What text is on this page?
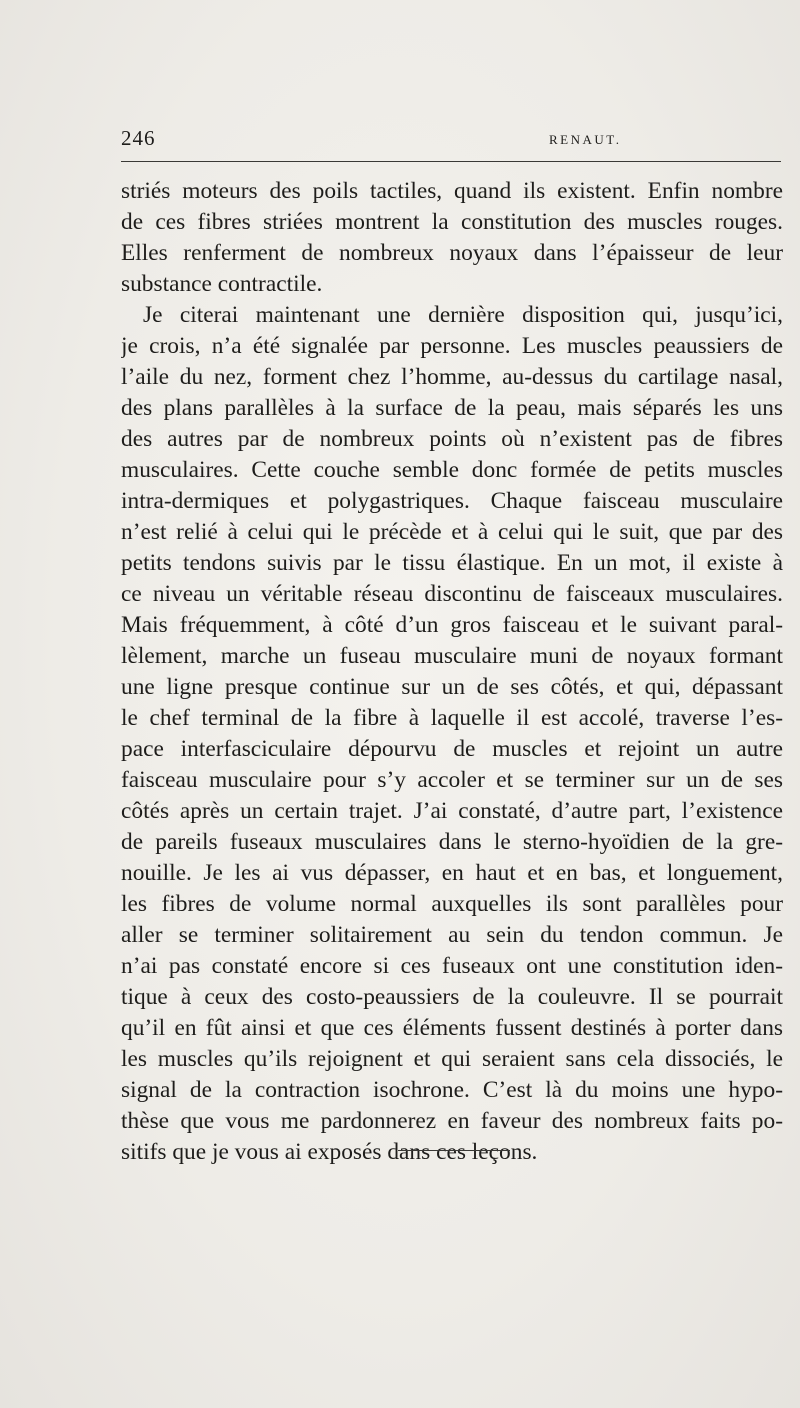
246	RENAUT.
striés moteurs des poils tactiles, quand ils existent. Enfin nombre
de ces fibres striées montrent la constitution des muscles rouges.
Elles renferment de nombreux noyaux dans l’épaisseur de leur
substance contractile.
Je citerai maintenant une dernière disposition qui, jusqu’ici,
je crois, n’a été signalée par personne. Les muscles peaussiers de
l’aile du nez, forment chez l’homme, au-dessus du cartilage nasal,
des plans parallèles à la surface de la peau, mais séparés les uns
des autres par de nombreux points où n’existent pas de fibres
musculaires. Cette couche semble donc formée de petits muscles
intra-dermiques et polygastriques. Chaque faisceau musculaire
n’est relié à celui qui le précède et à celui qui le suit, que par des
petits tendons suivis par le tissu élastique. En un mot, il existe à
ce niveau un véritable réseau discontinu de faisceaux musculaires.
Mais fréquemment, à côté d’un gros faisceau et le suivant paral-
lèlement, marche un fuseau musculaire muni de noyaux formant
une ligne presque continue sur un de ses côtés, et qui, dépassant
le chef terminal de la fibre à laquelle il est accolé, traverse l’es-
pace interfasciculaire dépourvu de muscles et rejoint un autre
faisceau musculaire pour s’y accoler et se terminer sur un de ses
côtés après un certain trajet. J’ai constaté, d’autre part, l’existence
de pareils fuseaux musculaires dans le sterno-hyoïdien de la gre-
nouille. Je les ai vus dépasser, en haut et en bas, et longuement,
les fibres de volume normal auxquelles ils sont parallèles pour
aller se terminer solitairement au sein du tendon commun. Je
n’ai pas constaté encore si ces fuseaux ont une constitution iden-
tique à ceux des costo-peaussiers de la couleuvre. Il se pourrait
qu’il en fût ainsi et que ces éléments fussent destinés à porter dans
les muscles qu’ils rejoignent et qui seraient sans cela dissociés, le
signal de la contraction isochrone. C’est là du moins une hypo-
thèse que vous me pardonnerez en faveur des nombreux faits po-
sitifs que je vous ai exposés dans ces leçons.
